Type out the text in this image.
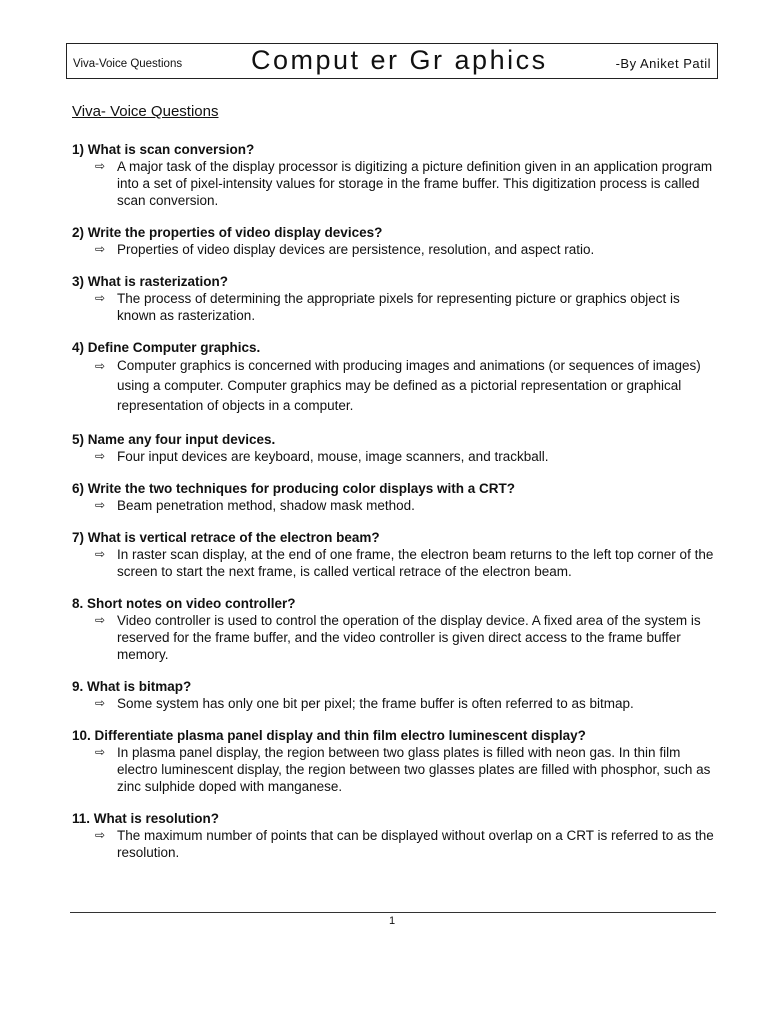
Viva-Voice Questions	Comput er Gr aphics	-By Aniket Patil
Viva- Voice Questions
1) What is scan conversion?
⇨ A major task of the display processor is digitizing a picture definition given in an application program into a set of pixel-intensity values for storage in the frame buffer. This digitization process is called scan conversion.
2) Write the properties of video display devices?
⇨ Properties of video display devices are persistence, resolution, and aspect ratio.
3) What is rasterization?
⇨ The process of determining the appropriate pixels for representing picture or graphics object is known as rasterization.
4) Define Computer graphics.
⇨ Computer graphics is concerned with producing images and animations (or sequences of images) using a computer. Computer graphics may be defined as a pictorial representation or graphical representation of objects in a computer.
5) Name any four input devices.
⇨ Four input devices are keyboard, mouse, image scanners, and trackball.
6) Write the two techniques for producing color displays with a CRT?
⇨ Beam penetration method, shadow mask method.
7) What is vertical retrace of the electron beam?
⇨ In raster scan display, at the end of one frame, the electron beam returns to the left top corner of the screen to start the next frame, is called vertical retrace of the electron beam.
8. Short notes on video controller?
⇨ Video controller is used to control the operation of the display device. A fixed area of the system is reserved for the frame buffer, and the video controller is given direct access to the frame buffer memory.
9. What is bitmap?
⇨ Some system has only one bit per pixel; the frame buffer is often referred to as bitmap.
10. Differentiate plasma panel display and thin film electro luminescent display?
⇨ In plasma panel display, the region between two glass plates is filled with neon gas. In thin film electro luminescent display, the region between two glasses plates are filled with phosphor, such as zinc sulphide doped with manganese.
11. What is resolution?
⇨ The maximum number of points that can be displayed without overlap on a CRT is referred to as the resolution.
1
